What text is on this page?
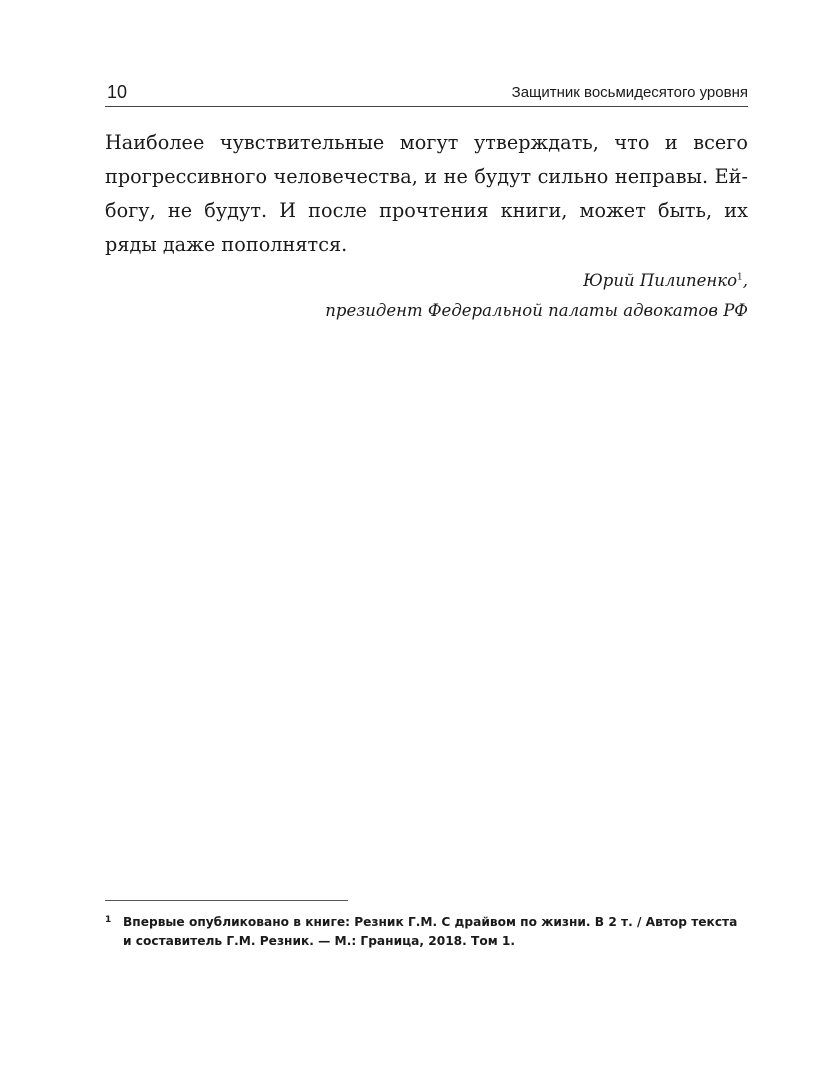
10	Защитник восьмидесятого уровня

Наиболее чувствительные могут утверждать, что и всего прогрессивного человечества, и не будут сильно неправы. Ей-богу, не будут. И после прочтения книги, может быть, их ряды даже пополнятся.

Юрий Пилипенко$^1$,
президент Федеральной палаты адвокатов РФ
1 Впервые опубликовано в книге: Резник Г.М. С драйвом по жизни. В 2 т. / Автор текста и составитель Г.М. Резник. — М.: Граница, 2018. Том 1.
